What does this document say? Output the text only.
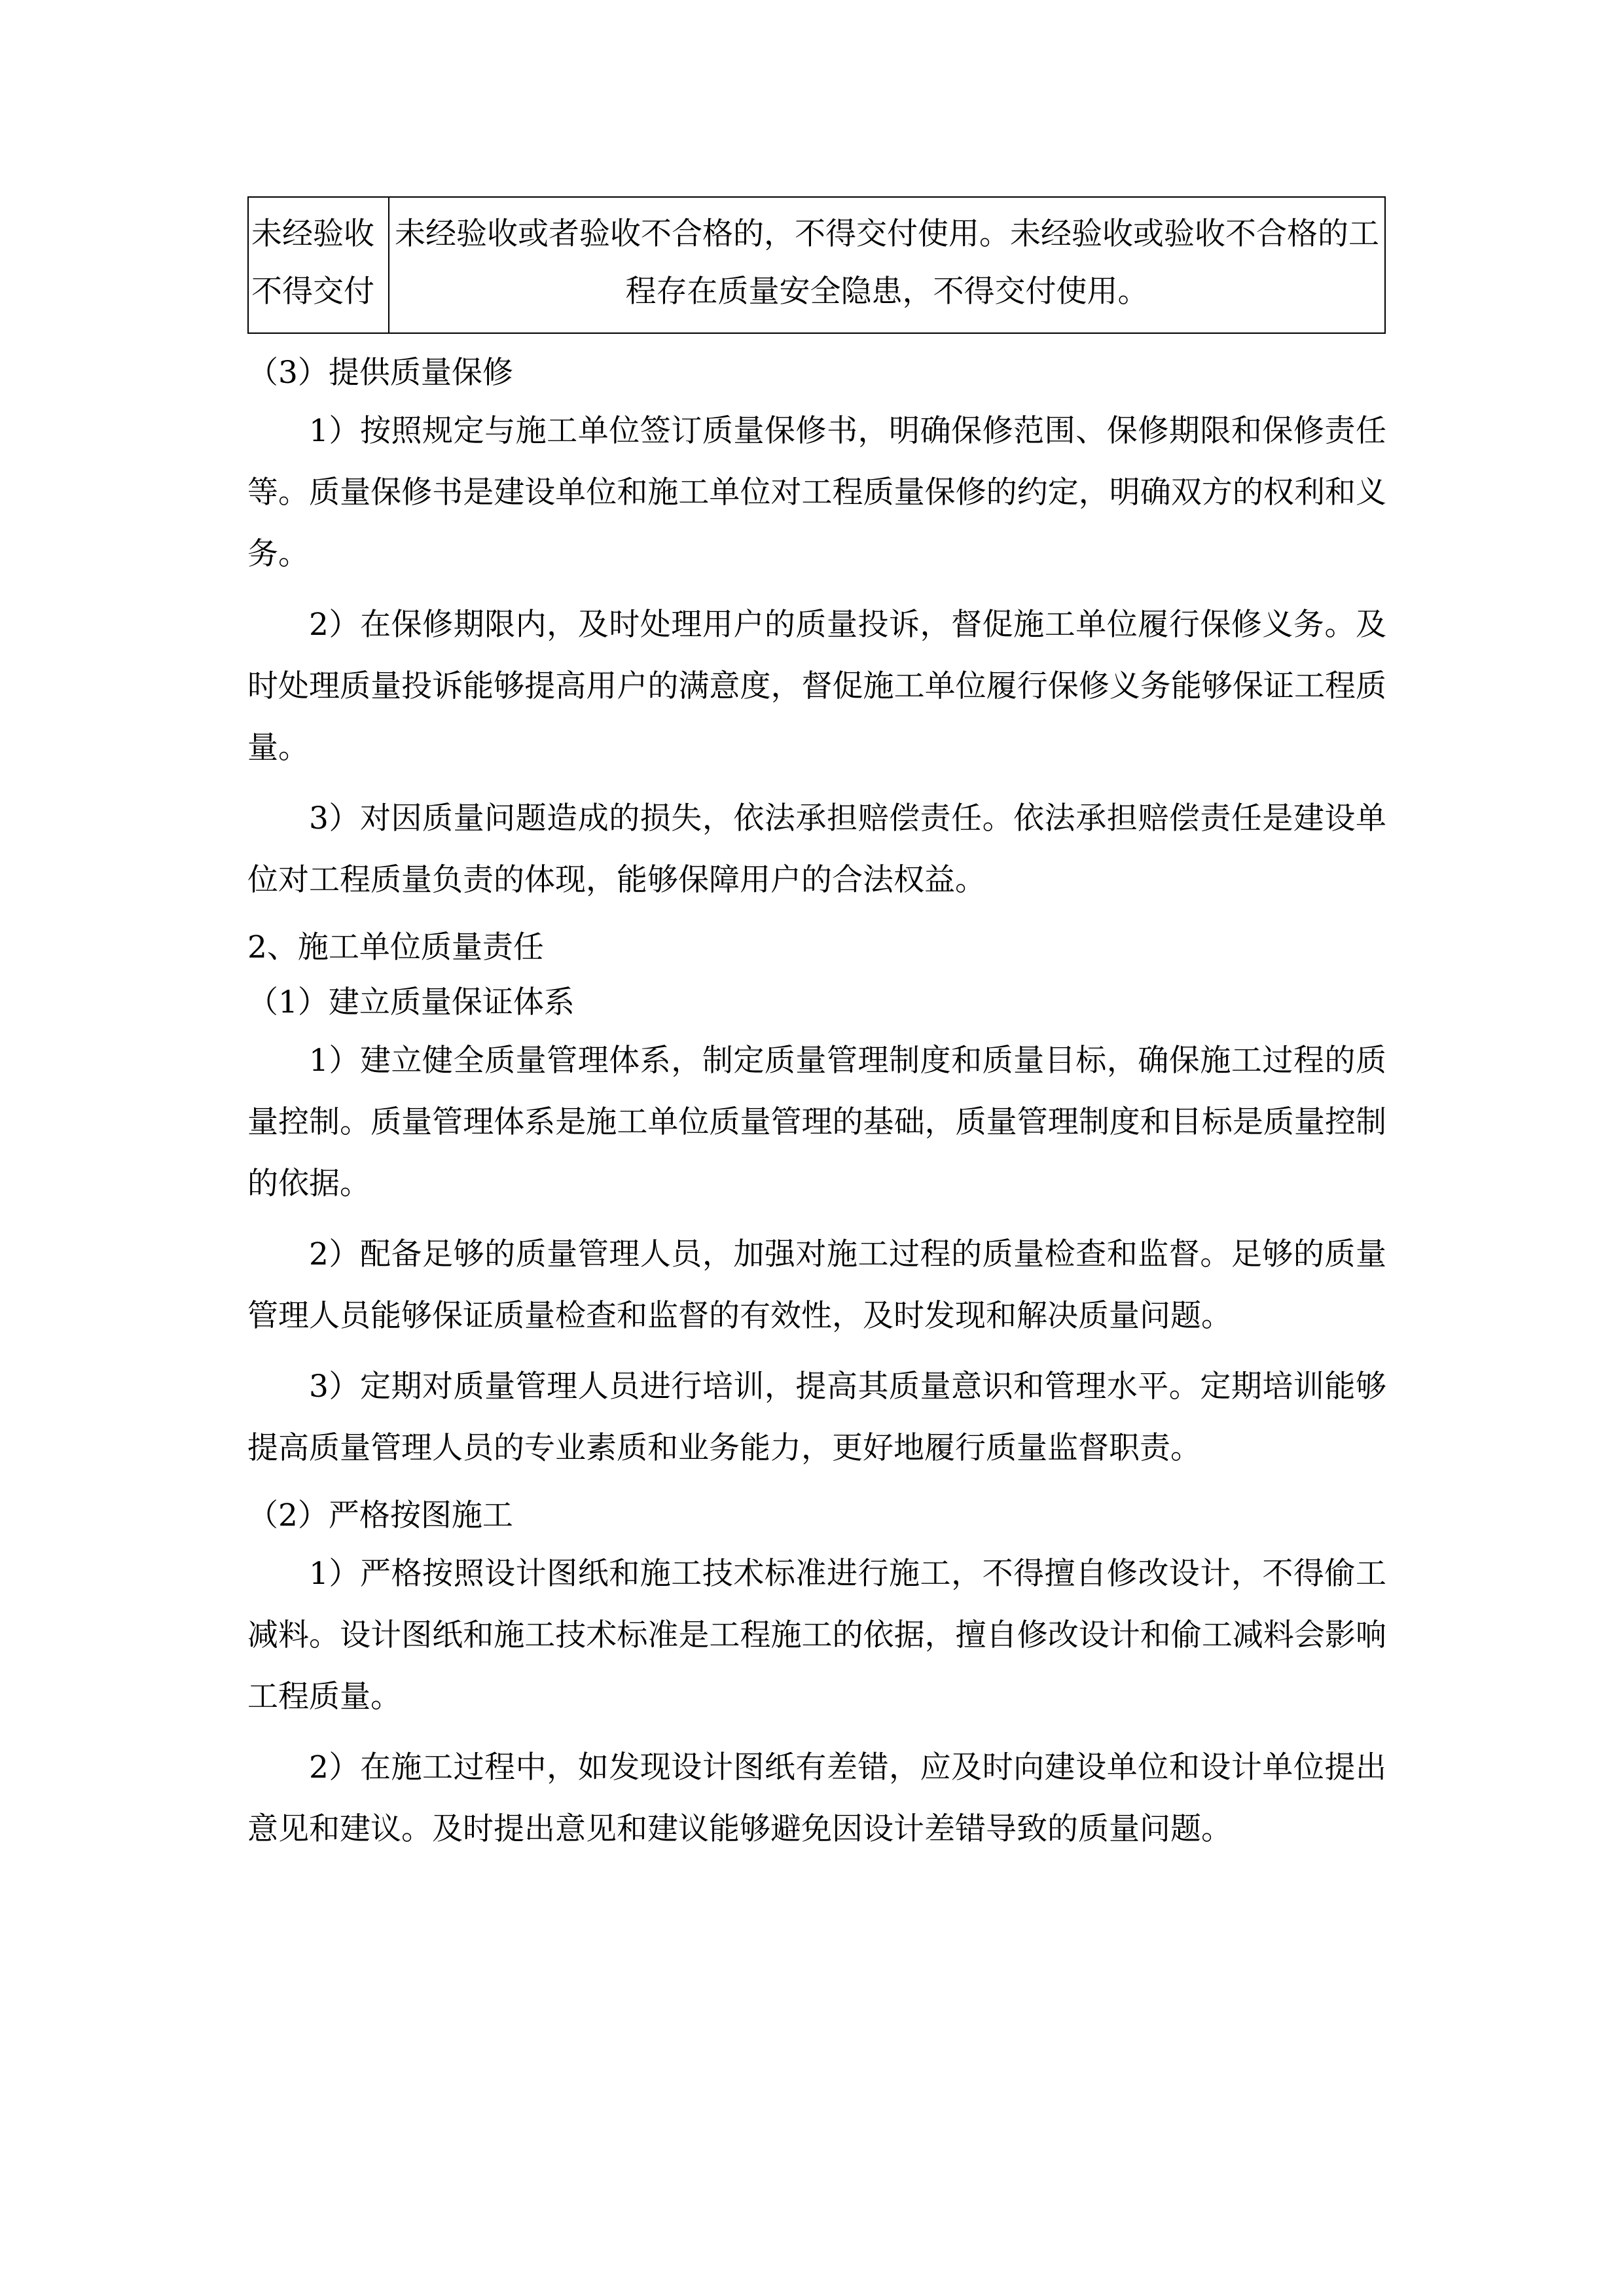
未经验收不得交付	未经验收或者验收不合格的，不得交付使用。未经验收或验收不合格的工程存在质量安全隐患，不得交付使用。

（3）提供质量保修

1）按照规定与施工单位签订质量保修书，明确保修范围、保修期限和保修责任等。质量保修书是建设单位和施工单位对工程质量保修的约定，明确双方的权利和义务。

2）在保修期限内，及时处理用户的质量投诉，督促施工单位履行保修义务。及时处理质量投诉能够提高用户的满意度，督促施工单位履行保修义务能够保证工程质量。

3）对因质量问题造成的损失，依法承担赔偿责任。依法承担赔偿责任是建设单位对工程质量负责的体现，能够保障用户的合法权益。

2、施工单位质量责任

（1）建立质量保证体系

1）建立健全质量管理体系，制定质量管理制度和质量目标，确保施工过程的质量控制。质量管理体系是施工单位质量管理的基础，质量管理制度和目标是质量控制的依据。

2）配备足够的质量管理人员，加强对施工过程的质量检查和监督。足够的质量管理人员能够保证质量检查和监督的有效性，及时发现和解决质量问题。

3）定期对质量管理人员进行培训，提高其质量意识和管理水平。定期培训能够提高质量管理人员的专业素质和业务能力，更好地履行质量监督职责。

（2）严格按图施工

1）严格按照设计图纸和施工技术标准进行施工，不得擅自修改设计，不得偷工减料。设计图纸和施工技术标准是工程施工的依据，擅自修改设计和偷工减料会影响工程质量。

2）在施工过程中，如发现设计图纸有差错，应及时向建设单位和设计单位提出意见和建议。及时提出意见和建议能够避免因设计差错导致的质量问题。
